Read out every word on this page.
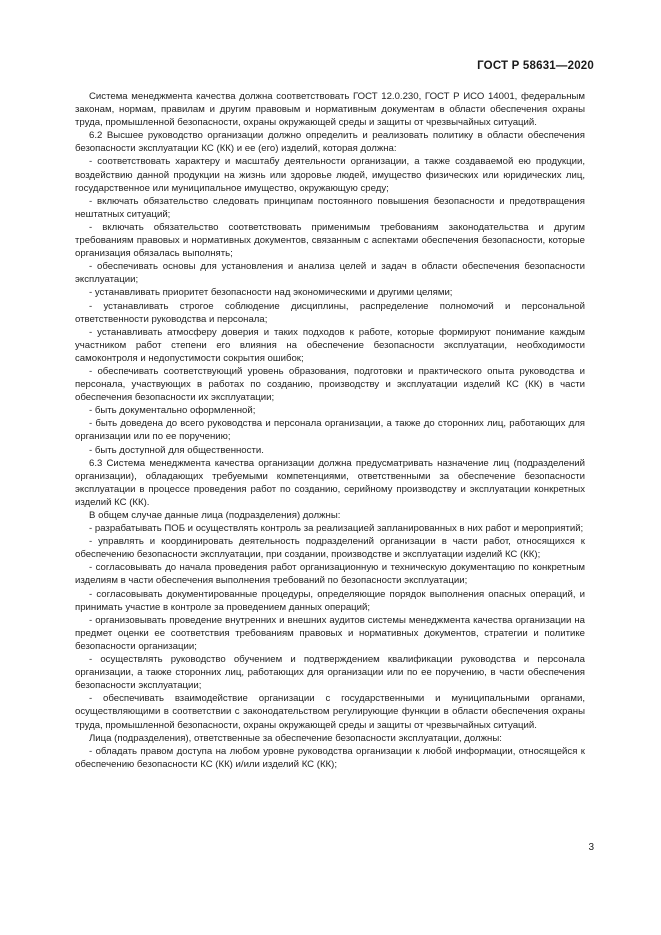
ГОСТ Р 58631—2020

Система менеджмента качества должна соответствовать ГОСТ 12.0.230, ГОСТ Р ИСО 14001, федеральным законам, нормам, правилам и другим правовым и нормативным документам в области обеспечения охраны труда, промышленной безопасности, охраны окружающей среды и защиты от чрезвычайных ситуаций.

6.2 Высшее руководство организации должно определить и реализовать политику в области обеспечения безопасности эксплуатации КС (КК) и ее (его) изделий, которая должна:

- соответствовать характеру и масштабу деятельности организации, а также создаваемой ею продукции, воздействию данной продукции на жизнь или здоровье людей, имущество физических или юридических лиц, государственное или муниципальное имущество, окружающую среду;

- включать обязательство следовать принципам постоянного повышения безопасности и предотвращения нештатных ситуаций;

- включать обязательство соответствовать применимым требованиям законодательства и другим требованиям правовых и нормативных документов, связанным с аспектами обеспечения безопасности, которые организация обязалась выполнять;

- обеспечивать основы для установления и анализа целей и задач в области обеспечения безопасности эксплуатации;

- устанавливать приоритет безопасности над экономическими и другими целями;

- устанавливать строгое соблюдение дисциплины, распределение полномочий и персональной ответственности руководства и персонала;

- устанавливать атмосферу доверия и таких подходов к работе, которые формируют понимание каждым участником работ степени его влияния на обеспечение безопасности эксплуатации, необходимости самоконтроля и недопустимости сокрытия ошибок;

- обеспечивать соответствующий уровень образования, подготовки и практического опыта руководства и персонала, участвующих в работах по созданию, производству и эксплуатации изделий КС (КК) в части обеспечения безопасности их эксплуатации;

- быть документально оформленной;

- быть доведена до всего руководства и персонала организации, а также до сторонних лиц, работающих для организации или по ее поручению;

- быть доступной для общественности.

6.3 Система менеджмента качества организации должна предусматривать назначение лиц (подразделений организации), обладающих требуемыми компетенциями, ответственными за обеспечение безопасности эксплуатации в процессе проведения работ по созданию, серийному производству и эксплуатации конкретных изделий КС (КК).

В общем случае данные лица (подразделения) должны:

- разрабатывать ПОБ и осуществлять контроль за реализацией запланированных в них работ и мероприятий;

- управлять и координировать деятельность подразделений организации в части работ, относящихся к обеспечению безопасности эксплуатации, при создании, производстве и эксплуатации изделий КС (КК);

- согласовывать до начала проведения работ организационную и техническую документацию по конкретным изделиям в части обеспечения выполнения требований по безопасности эксплуатации;

- согласовывать документированные процедуры, определяющие порядок выполнения опасных операций, и принимать участие в контроле за проведением данных операций;

- организовывать проведение внутренних и внешних аудитов системы менеджмента качества организации на предмет оценки ее соответствия требованиям правовых и нормативных документов, стратегии и политике безопасности организации;

- осуществлять руководство обучением и подтверждением квалификации руководства и персонала организации, а также сторонних лиц, работающих для организации или по ее поручению, в части обеспечения безопасности эксплуатации;

- обеспечивать взаимодействие организации с государственными и муниципальными органами, осуществляющими в соответствии с законодательством регулирующие функции в области обеспечения охраны труда, промышленной безопасности, охраны окружающей среды и защиты от чрезвычайных ситуаций.

Лица (подразделения), ответственные за обеспечение безопасности эксплуатации, должны:

- обладать правом доступа на любом уровне руководства организации к любой информации, относящейся к обеспечению безопасности КС (КК) и/или изделий КС (КК);

3
